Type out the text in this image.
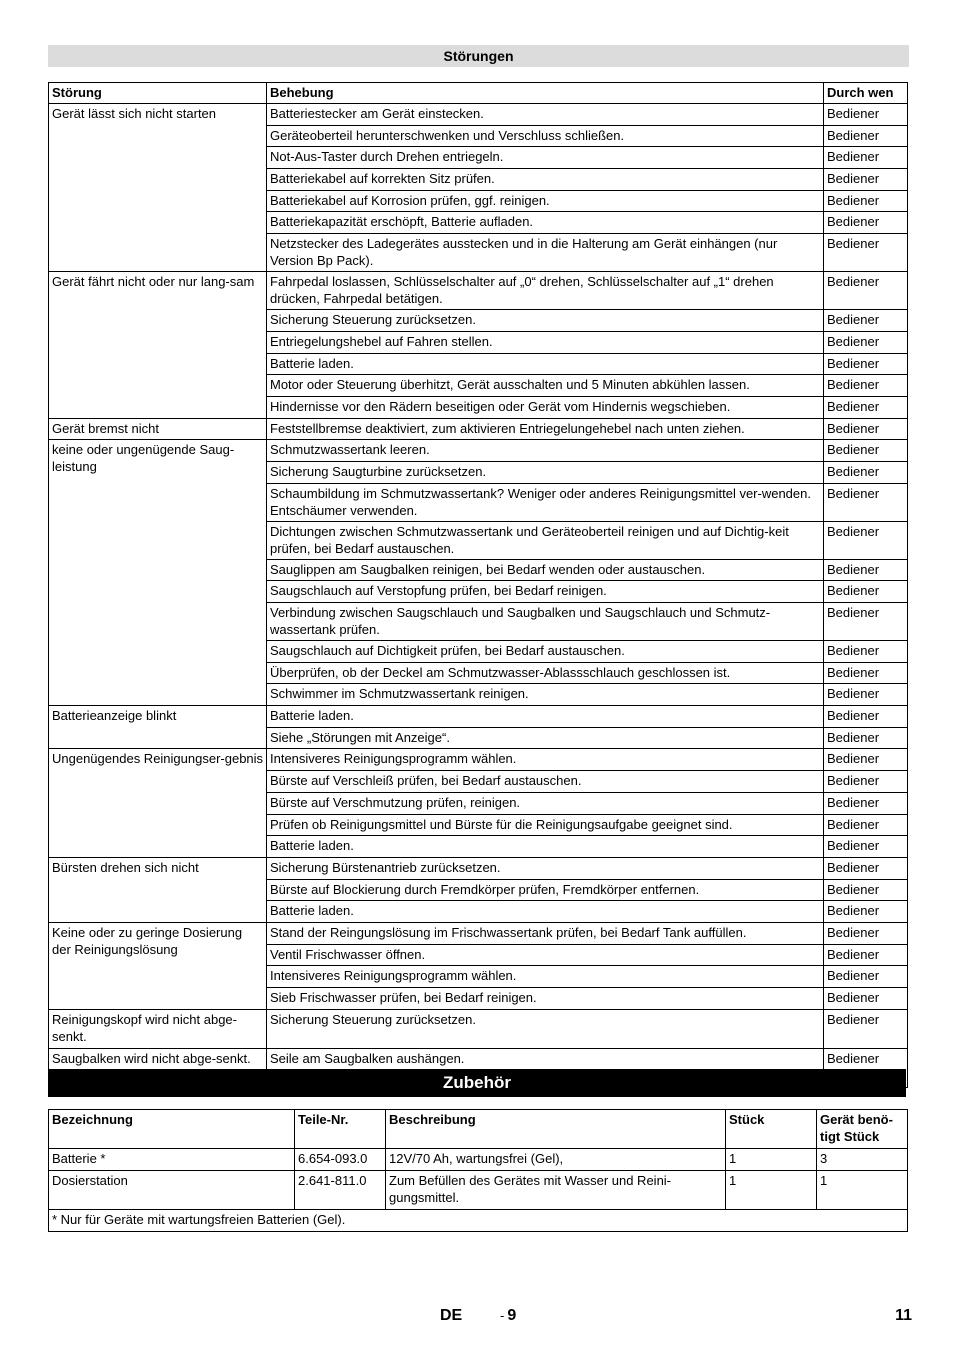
Störungen
Störung	Behebung	Durch wen
Gerät lässt sich nicht starten	Batteriestecker am Gerät einstecken.	Bediener
	Geräteoberteil herunterschwenken und Verschluss schließen.	Bediener
	Not-Aus-Taster durch Drehen entriegeln.	Bediener
	Batteriekabel auf korrekten Sitz prüfen.	Bediener
	Batteriekabel auf Korrosion prüfen, ggf. reinigen.	Bediener
	Batteriekapazität erschöpft, Batterie aufladen.	Bediener
	Netzstecker des Ladegerätes ausstecken und in die Halterung am Gerät einhängen (nur Version Bp Pack).	Bediener
Gerät fährt nicht oder nur lang-sam	Fahrpedal loslassen, Schlüsselschalter auf „0“ drehen, Schlüsselschalter auf „1“ drehen drücken, Fahrpedal betätigen.	Bediener
	Sicherung Steuerung zurücksetzen.	Bediener
	Entriegelungshebel auf Fahren stellen.	Bediener
	Batterie laden.	Bediener
	Motor oder Steuerung überhitzt, Gerät ausschalten und 5 Minuten abkühlen lassen.	Bediener
	Hindernisse vor den Rädern beseitigen oder Gerät vom Hindernis wegschieben.	Bediener
Gerät bremst nicht	Feststellbremse deaktiviert, zum aktivieren Entriegelungehebel nach unten ziehen.	Bediener
keine oder ungenügende Saug-leistung	Schmutzwassertank leeren.	Bediener
	Sicherung Saugturbine zurücksetzen.	Bediener
	Schaumbildung im Schmutzwassertank? Weniger oder anderes Reinigungsmittel ver-wenden. Entschäumer verwenden.	Bediener
	Dichtungen zwischen Schmutzwassertank und Geräteoberteil reinigen und auf Dichtig-keit prüfen, bei Bedarf austauschen.	Bediener
	Sauglippen am Saugbalken reinigen, bei Bedarf wenden oder austauschen.	Bediener
	Saugschlauch auf Verstopfung prüfen, bei Bedarf reinigen.	Bediener
	Verbindung zwischen Saugschlauch und Saugbalken und Saugschlauch und Schmutz-wassertank prüfen.	Bediener
	Saugschlauch auf Dichtigkeit prüfen, bei Bedarf austauschen.	Bediener
	Überprüfen, ob der Deckel am Schmutzwasser-Ablassschlauch geschlossen ist.	Bediener
	Schwimmer im Schmutzwassertank reinigen.	Bediener
Batterieanzeige blinkt	Batterie laden.	Bediener
	Siehe „Störungen mit Anzeige“.	Bediener
Ungenügendes Reinigungser-gebnis	Intensiveres Reinigungsprogramm wählen.	Bediener
	Bürste auf Verschleiß prüfen, bei Bedarf austauschen.	Bediener
	Bürste auf Verschmutzung prüfen, reinigen.	Bediener
	Prüfen ob Reinigungsmittel und Bürste für die Reinigungsaufgabe geeignet sind.	Bediener
	Batterie laden.	Bediener
Bürsten drehen sich nicht	Sicherung Bürstenantrieb zurücksetzen.	Bediener
	Bürste auf Blockierung durch Fremdkörper prüfen, Fremdkörper entfernen.	Bediener
	Batterie laden.	Bediener
Keine oder zu geringe Dosierung der Reinigungslösung	Stand der Reingungslösung im Frischwassertank prüfen, bei Bedarf Tank auffüllen.	Bediener
	Ventil Frischwasser öffnen.	Bediener
	Intensiveres Reinigungsprogramm wählen.	Bediener
	Sieb Frischwasser prüfen, bei Bedarf reinigen.	Bediener
Reinigungskopf wird nicht abge-senkt.	Sicherung Steuerung zurücksetzen.	Bediener
Saugbalken wird nicht abge-senkt.	Seile am Saugbalken aushängen.	Bediener
Zubehör
Bezeichnung	Teile-Nr.	Beschreibung	Stück	Gerät benö-tigt Stück
Batterie *	6.654-093.0	12V/70 Ah, wartungsfrei (Gel),	1	3
Dosierstation	2.641-811.0	Zum Befüllen des Gerätes mit Wasser und Reini-gungsmittel.	1	1
* Nur für Geräte mit wartungsfreien Batterien (Gel).				
DE	- 9	11
